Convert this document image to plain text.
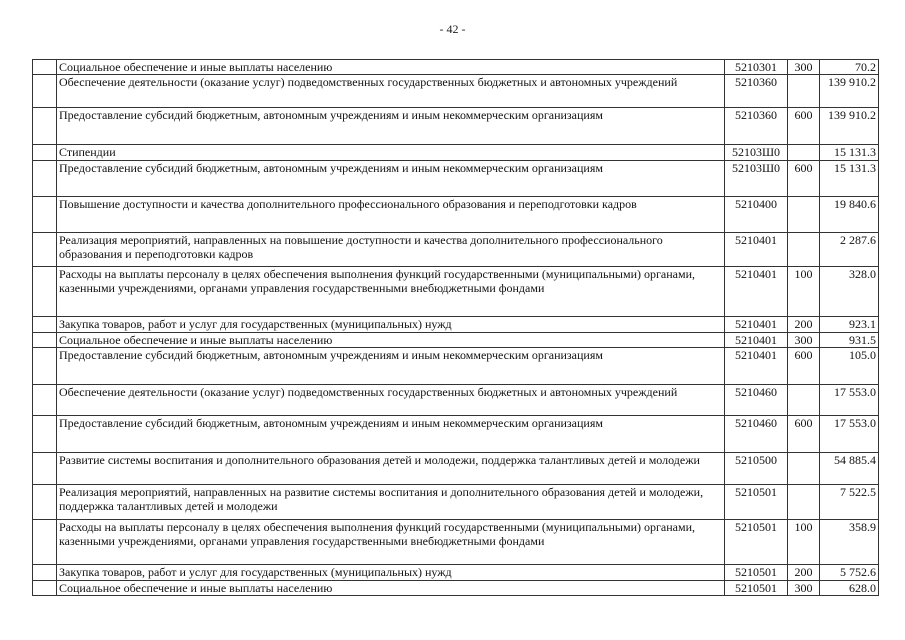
- 42 -
	Социальное обеспечение и иные выплаты населению	5210301	300	70.2
	Обеспечение деятельности (оказание услуг) подведомственных государственных бюджетных и автономных учреждений	5210360		139 910.2
	Предоставление субсидий бюджетным, автономным учреждениям и иным некоммерческим организациям	5210360	600	139 910.2
	Стипендии	52103Ш0		15 131.3
	Предоставление субсидий бюджетным, автономным учреждениям и иным некоммерческим организациям	52103Ш0	600	15 131.3
	Повышение доступности и качества дополнительного профессионального образования и переподготовки кадров	5210400		19 840.6
	Реализация мероприятий, направленных на повышение доступности и качества дополнительного профессионального образования и переподготовки кадров	5210401		2 287.6
	Расходы на выплаты персоналу в целях обеспечения выполнения функций государственными (муниципальными) органами, казенными учреждениями, органами управления государственными внебюджетными фондами	5210401	100	328.0
	Закупка товаров, работ и услуг для государственных (муниципальных) нужд	5210401	200	923.1
	Социальное обеспечение и иные выплаты населению	5210401	300	931.5
	Предоставление субсидий бюджетным, автономным учреждениям и иным некоммерческим организациям	5210401	600	105.0
	Обеспечение деятельности (оказание услуг) подведомственных государственных бюджетных и автономных учреждений	5210460		17 553.0
	Предоставление субсидий бюджетным, автономным учреждениям и иным некоммерческим организациям	5210460	600	17 553.0
	Развитие системы воспитания и дополнительного образования детей и молодежи, поддержка талантливых детей и молодежи	5210500		54 885.4
	Реализация мероприятий, направленных на развитие системы воспитания и дополнительного образования детей и молодежи, поддержка талантливых детей и молодежи	5210501		7 522.5
	Расходы на выплаты персоналу в целях обеспечения выполнения функций государственными (муниципальными) органами, казенными учреждениями, органами управления государственными внебюджетными фондами	5210501	100	358.9
	Закупка товаров, работ и услуг для государственных (муниципальных) нужд	5210501	200	5 752.6
	Социальное обеспечение и иные выплаты населению	5210501	300	628.0
